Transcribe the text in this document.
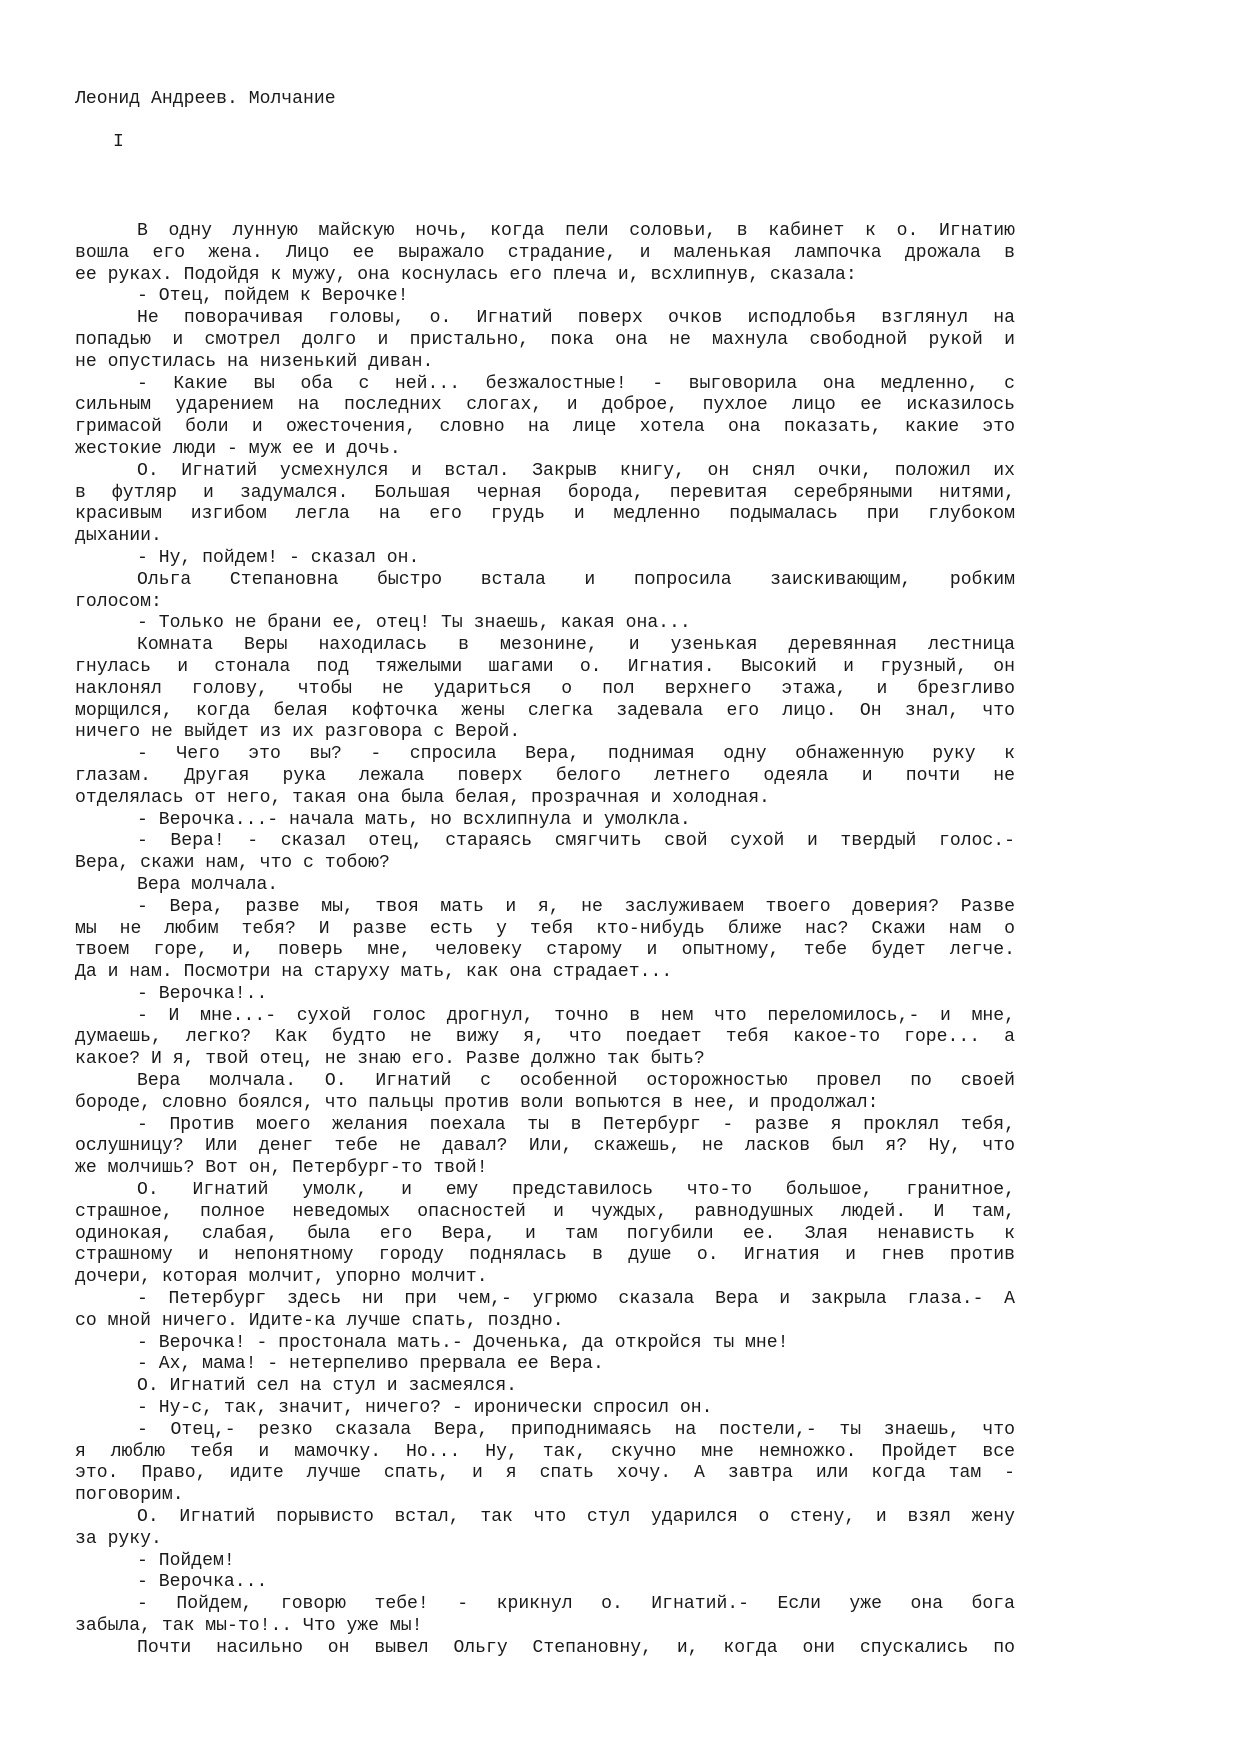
Леонид Андреев. Молчание
I
В одну лунную майскую ночь, когда пели соловьи, в кабинет к о. Игнатию
вошла его жена. Лицо ее выражало страдание, и маленькая лампочка дрожала в
ее руках. Подойдя к мужу, она коснулась его плеча и, всхлипнув, сказала:
- Отец, пойдем к Верочке!
Не поворачивая головы, о. Игнатий поверх очков исподлобья взглянул на
попадью и смотрел долго и пристально, пока она не махнула свободной рукой и
не опустилась на низенький диван.
- Какие вы оба с ней... безжалостные! - выговорила она медленно, с
сильным ударением на последних слогах, и доброе, пухлое лицо ее исказилось
гримасой боли и ожесточения, словно на лице хотела она показать, какие это
жестокие люди - муж ее и дочь.
О. Игнатий усмехнулся и встал. Закрыв книгу, он снял очки, положил их
в футляр и задумался. Большая черная борода, перевитая серебряными нитями,
красивым изгибом легла на его грудь и медленно подымалась при глубоком
дыхании.
- Ну, пойдем! - сказал он.
Ольга Степановна быстро встала и попросила заискивающим, робким
голосом:
- Только не брани ее, отец! Ты знаешь, какая она...
Комната Веры находилась в мезонине, и узенькая деревянная лестница
гнулась и стонала под тяжелыми шагами о. Игнатия. Высокий и грузный, он
наклонял голову, чтобы не удариться о пол верхнего этажа, и брезгливо
морщился, когда белая кофточка жены слегка задевала его лицо. Он знал, что
ничего не выйдет из их разговора с Верой.
- Чего это вы? - спросила Вера, поднимая одну обнаженную руку к
глазам. Другая рука лежала поверх белого летнего одеяла и почти не
отделялась от него, такая она была белая, прозрачная и холодная.
- Верочка...- начала мать, но всхлипнула и умолкла.
- Вера! - сказал отец, стараясь смягчить свой сухой и твердый голос.-
Вера, скажи нам, что с тобою?
Вера молчала.
- Вера, разве мы, твоя мать и я, не заслуживаем твоего доверия? Разве
мы не любим тебя? И разве есть у тебя кто-нибудь ближе нас? Скажи нам о
твоем горе, и, поверь мне, человеку старому и опытному, тебе будет легче.
Да и нам. Посмотри на старуху мать, как она страдает...
- Верочка!..
- И мне...- сухой голос дрогнул, точно в нем что переломилось,- и мне,
думаешь, легко? Как будто не вижу я, что поедает тебя какое-то горе... а
какое? И я, твой отец, не знаю его. Разве должно так быть?
Вера молчала. О. Игнатий с особенной осторожностью провел по своей
бороде, словно боялся, что пальцы против воли вопьются в нее, и продолжал:
- Против моего желания поехала ты в Петербург - разве я проклял тебя,
ослушницу? Или денег тебе не давал? Или, скажешь, не ласков был я? Ну, что
же молчишь? Вот он, Петербург-то твой!
О. Игнатий умолк, и ему представилось что-то большое, гранитное,
страшное, полное неведомых опасностей и чуждых, равнодушных людей. И там,
одинокая, слабая, была его Вера, и там погубили ее. Злая ненависть к
страшному и непонятному городу поднялась в душе о. Игнатия и гнев против
дочери, которая молчит, упорно молчит.
- Петербург здесь ни при чем,- угрюмо сказала Вера и закрыла глаза.- А
со мной ничего. Идите-ка лучше спать, поздно.
- Верочка! - простонала мать.- Доченька, да откройся ты мне!
- Ах, мама! - нетерпеливо прервала ее Вера.
О. Игнатий сел на стул и засмеялся.
- Ну-с, так, значит, ничего? - иронически спросил он.
- Отец,- резко сказала Вера, приподнимаясь на постели,- ты знаешь, что
я люблю тебя и мамочку. Но... Ну, так, скучно мне немножко. Пройдет все
это. Право, идите лучше спать, и я спать хочу. А завтра или когда там -
поговорим.
О. Игнатий порывисто встал, так что стул ударился о стену, и взял жену
за руку.
- Пойдем!
- Верочка...
- Пойдем, говорю тебе! - крикнул о. Игнатий.- Если уже она бога
забыла, так мы-то!.. Что уже мы!
Почти насильно он вывел Ольгу Степановну, и, когда они спускались по
